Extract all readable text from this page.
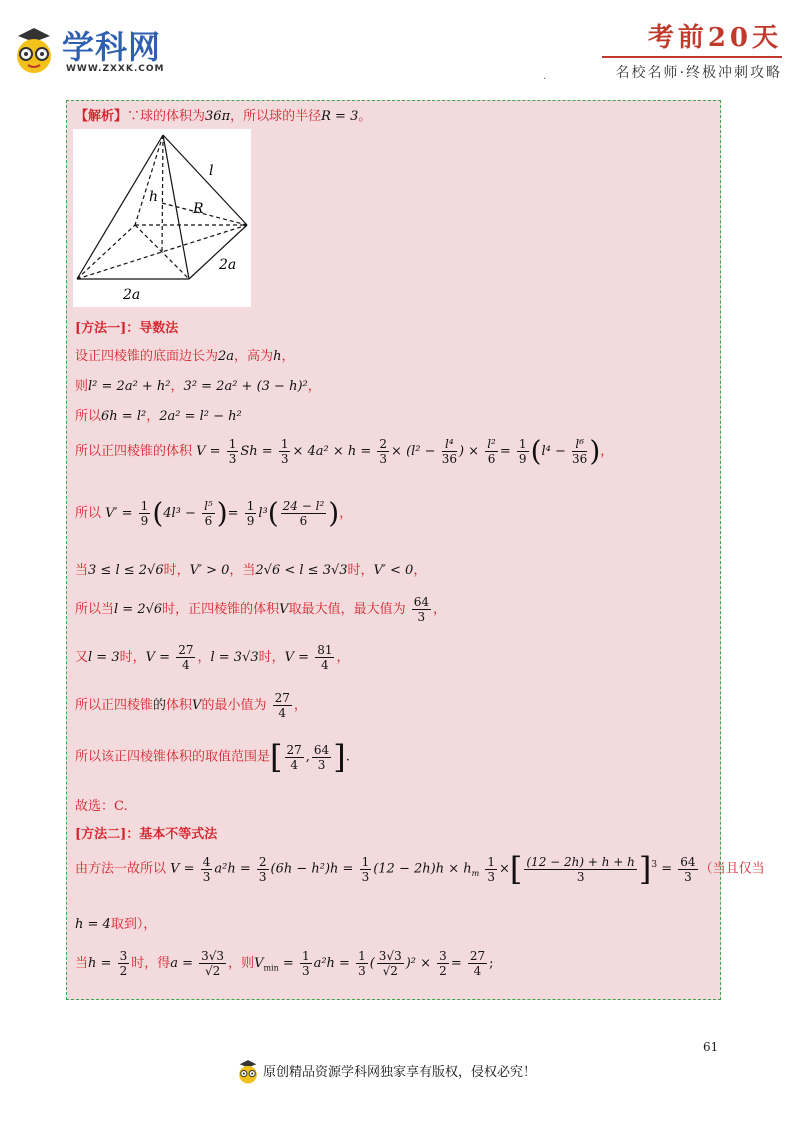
学科网
WWW.ZXXK.COM
考前20天
名校名师·终极冲刺攻略
.
【解析】∵球的体积为36π，所以球的半径R = 3。
l
h
R
2a
2a
[方法一]：导数法
设正四棱锥的底面边长为2a，高为h，
则l² = 2a² + h²，3² = 2a² + (3 − h)²，
所以6h = l²，2a² = l² − h²
所以正四棱锥的体积 $V = \frac{1}{3}$ $Sh = \frac{1}{3} \times 4a^2 \times h = \frac{2}{3} \times (l^2 - \frac{\text{l⁴}}{36}$ ) × $\frac{\text{l²}}{6} = \frac{1}{9} (l^4 - \frac{\text{l⁶}}{36}$ )，
所以 $V' = \frac{1}{9} (4l^3 - \frac{\text{l⁵}}{6}$ )= $\frac{1}{9} l^3( \frac{\text{24 − l²}}{6}$ )，
当3 ≤ l ≤ 2√6时，V′ > 0，当2√6 < l ≤ 3√3时，V′ < 0，
所以当l = 2√6时，正四棱锥的体积V取最大值，最大值为 $\frac{64}{3}$ ，
又l = 3时，$V = \frac{27}{4}$ ，l = 3√3时，$V = \frac{81}{4}$ ，
所以正四棱锥的体积V的最小值为 $\frac{27}{4}$ ，
所以该正四棱锥体积的取值范围是[ $\frac{27}{4}$ , $\frac{64}{3}$ ].
故选：C.
[方法二]：基本不等式法
由方法一故所以 $V = \frac{4}{3} a^2h = \frac{2}{3} (6h - h^2)h = \frac{1}{3} (12 - 2h)h \times h_m \frac{1}{3}$ ×[ $\frac{(12 - 2h) + h + h}{3} ]^3 = \frac{64}{3}$ （当且仅当
h = 4取到），
当$h = \frac{3}{2}$ 时，得$a = \frac{3√3}{√2}$ ，则$V_{min} = \frac{1}{3} a^2h = \frac{1}{3}$ ( $\frac{3√3}{√2} )^2 \times \frac{3}{2} = \frac{27}{4}$ ;
61
原创精品资源学科网独家享有版权，侵权必究！
